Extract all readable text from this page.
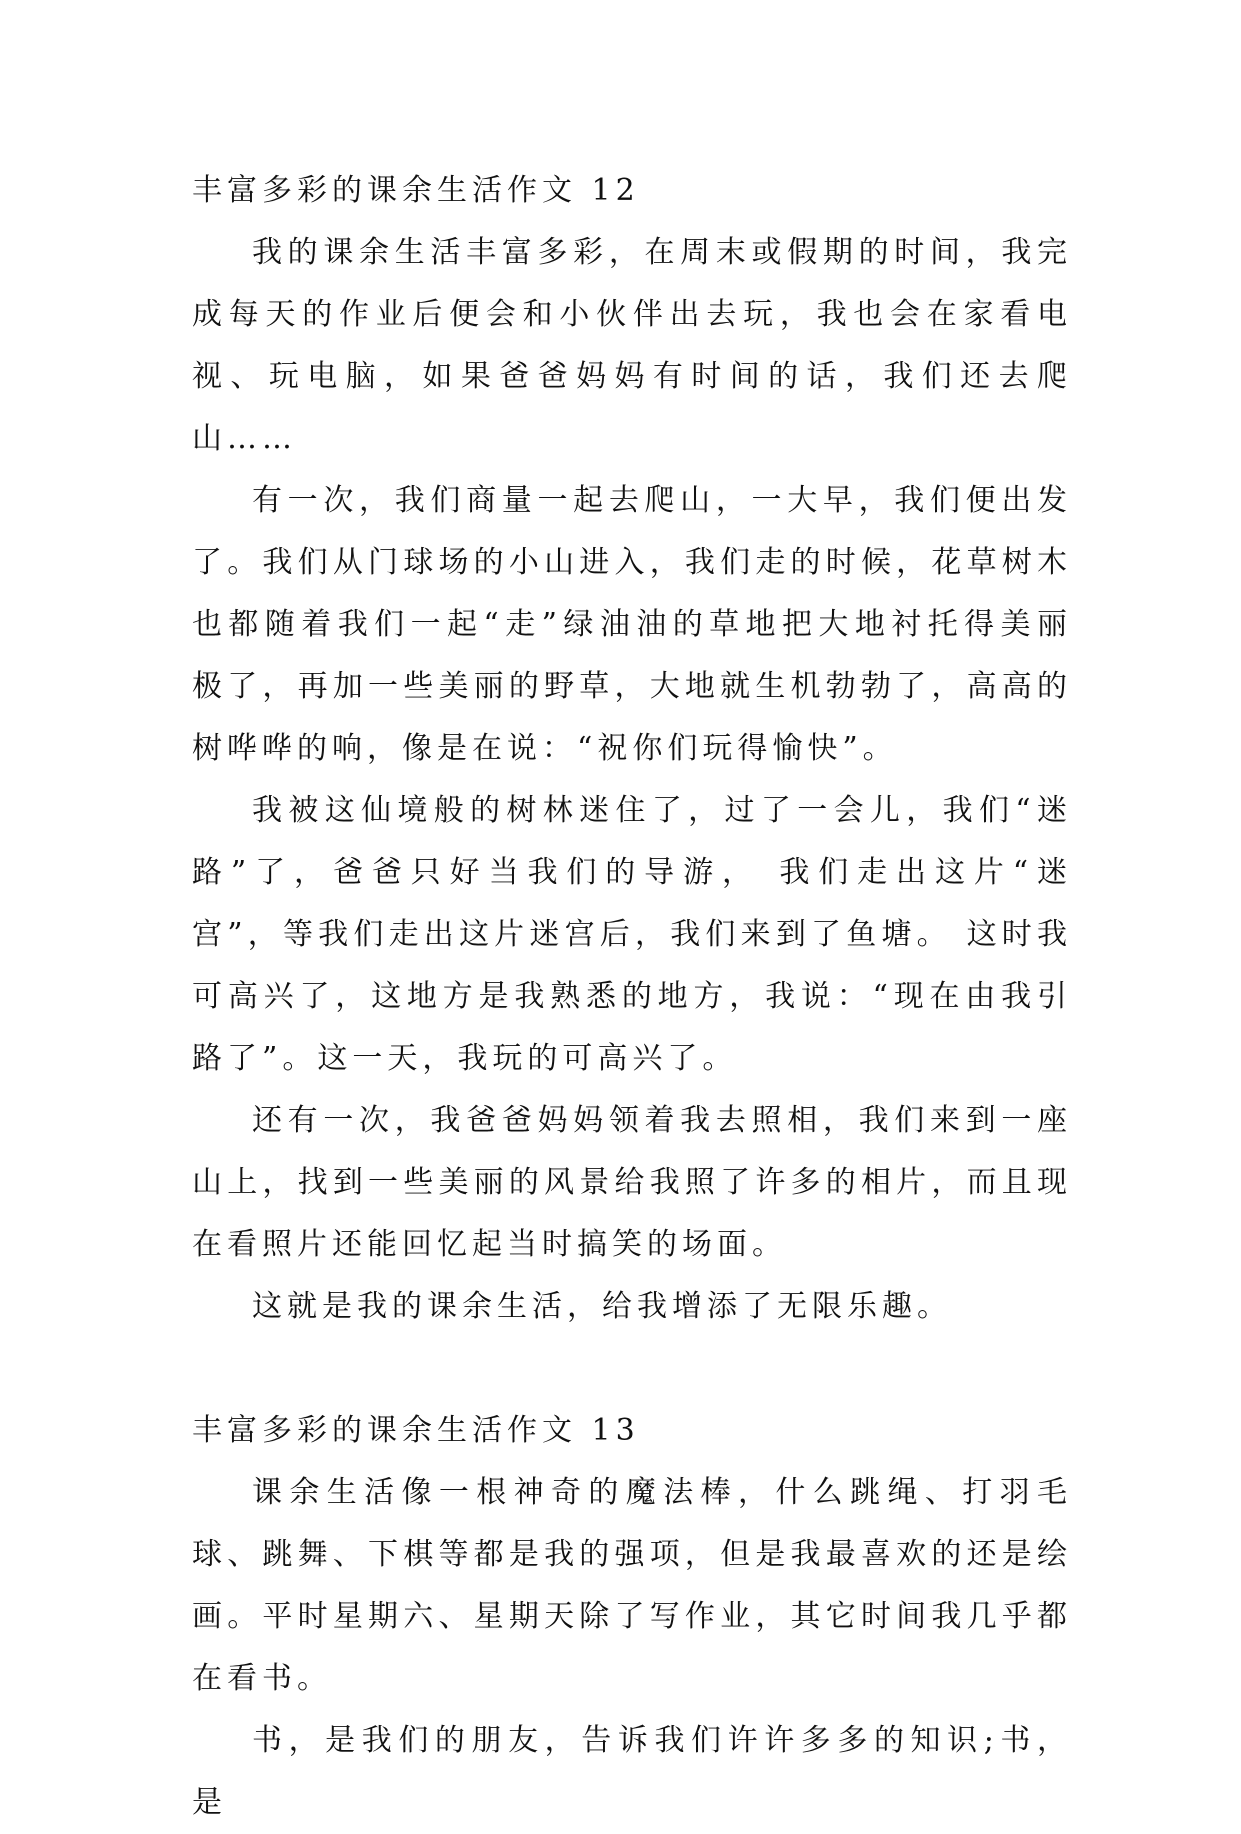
丰富多彩的课余生活作文 12

我的课余生活丰富多彩，在周末或假期的时间，我完成每天的作业后便会和小伙伴出去玩，我也会在家看电视、玩电脑，如果爸爸妈妈有时间的话，我们还去爬山……

有一次，我们商量一起去爬山，一大早，我们便出发了。我们从门球场的小山进入，我们走的时候，花草树木也都随着我们一起“走”绿油油的草地把大地衬托得美丽极了，再加一些美丽的野草，大地就生机勃勃了，高高的树哗哗的响，像是在说：“祝你们玩得愉快”。

我被这仙境般的树林迷住了，过了一会儿，我们“迷路”了，爸爸只好当我们的导游， 我们走出这片“迷宫”，等我们走出这片迷宫后，我们来到了鱼塘。 这时我可高兴了，这地方是我熟悉的地方，我说：“现在由我引路了”。这一天，我玩的可高兴了。

还有一次，我爸爸妈妈领着我去照相，我们来到一座山上，找到一些美丽的风景给我照了许多的相片，而且现在看照片还能回忆起当时搞笑的场面。

这就是我的课余生活，给我增添了无限乐趣。

丰富多彩的课余生活作文 13

课余生活像一根神奇的魔法棒，什么跳绳、打羽毛球、跳舞、下棋等都是我的强项，但是我最喜欢的还是绘画。平时星期六、星期天除了写作业，其它时间我几乎都在看书。

书，是我们的朋友，告诉我们许许多多的知识;书，是
